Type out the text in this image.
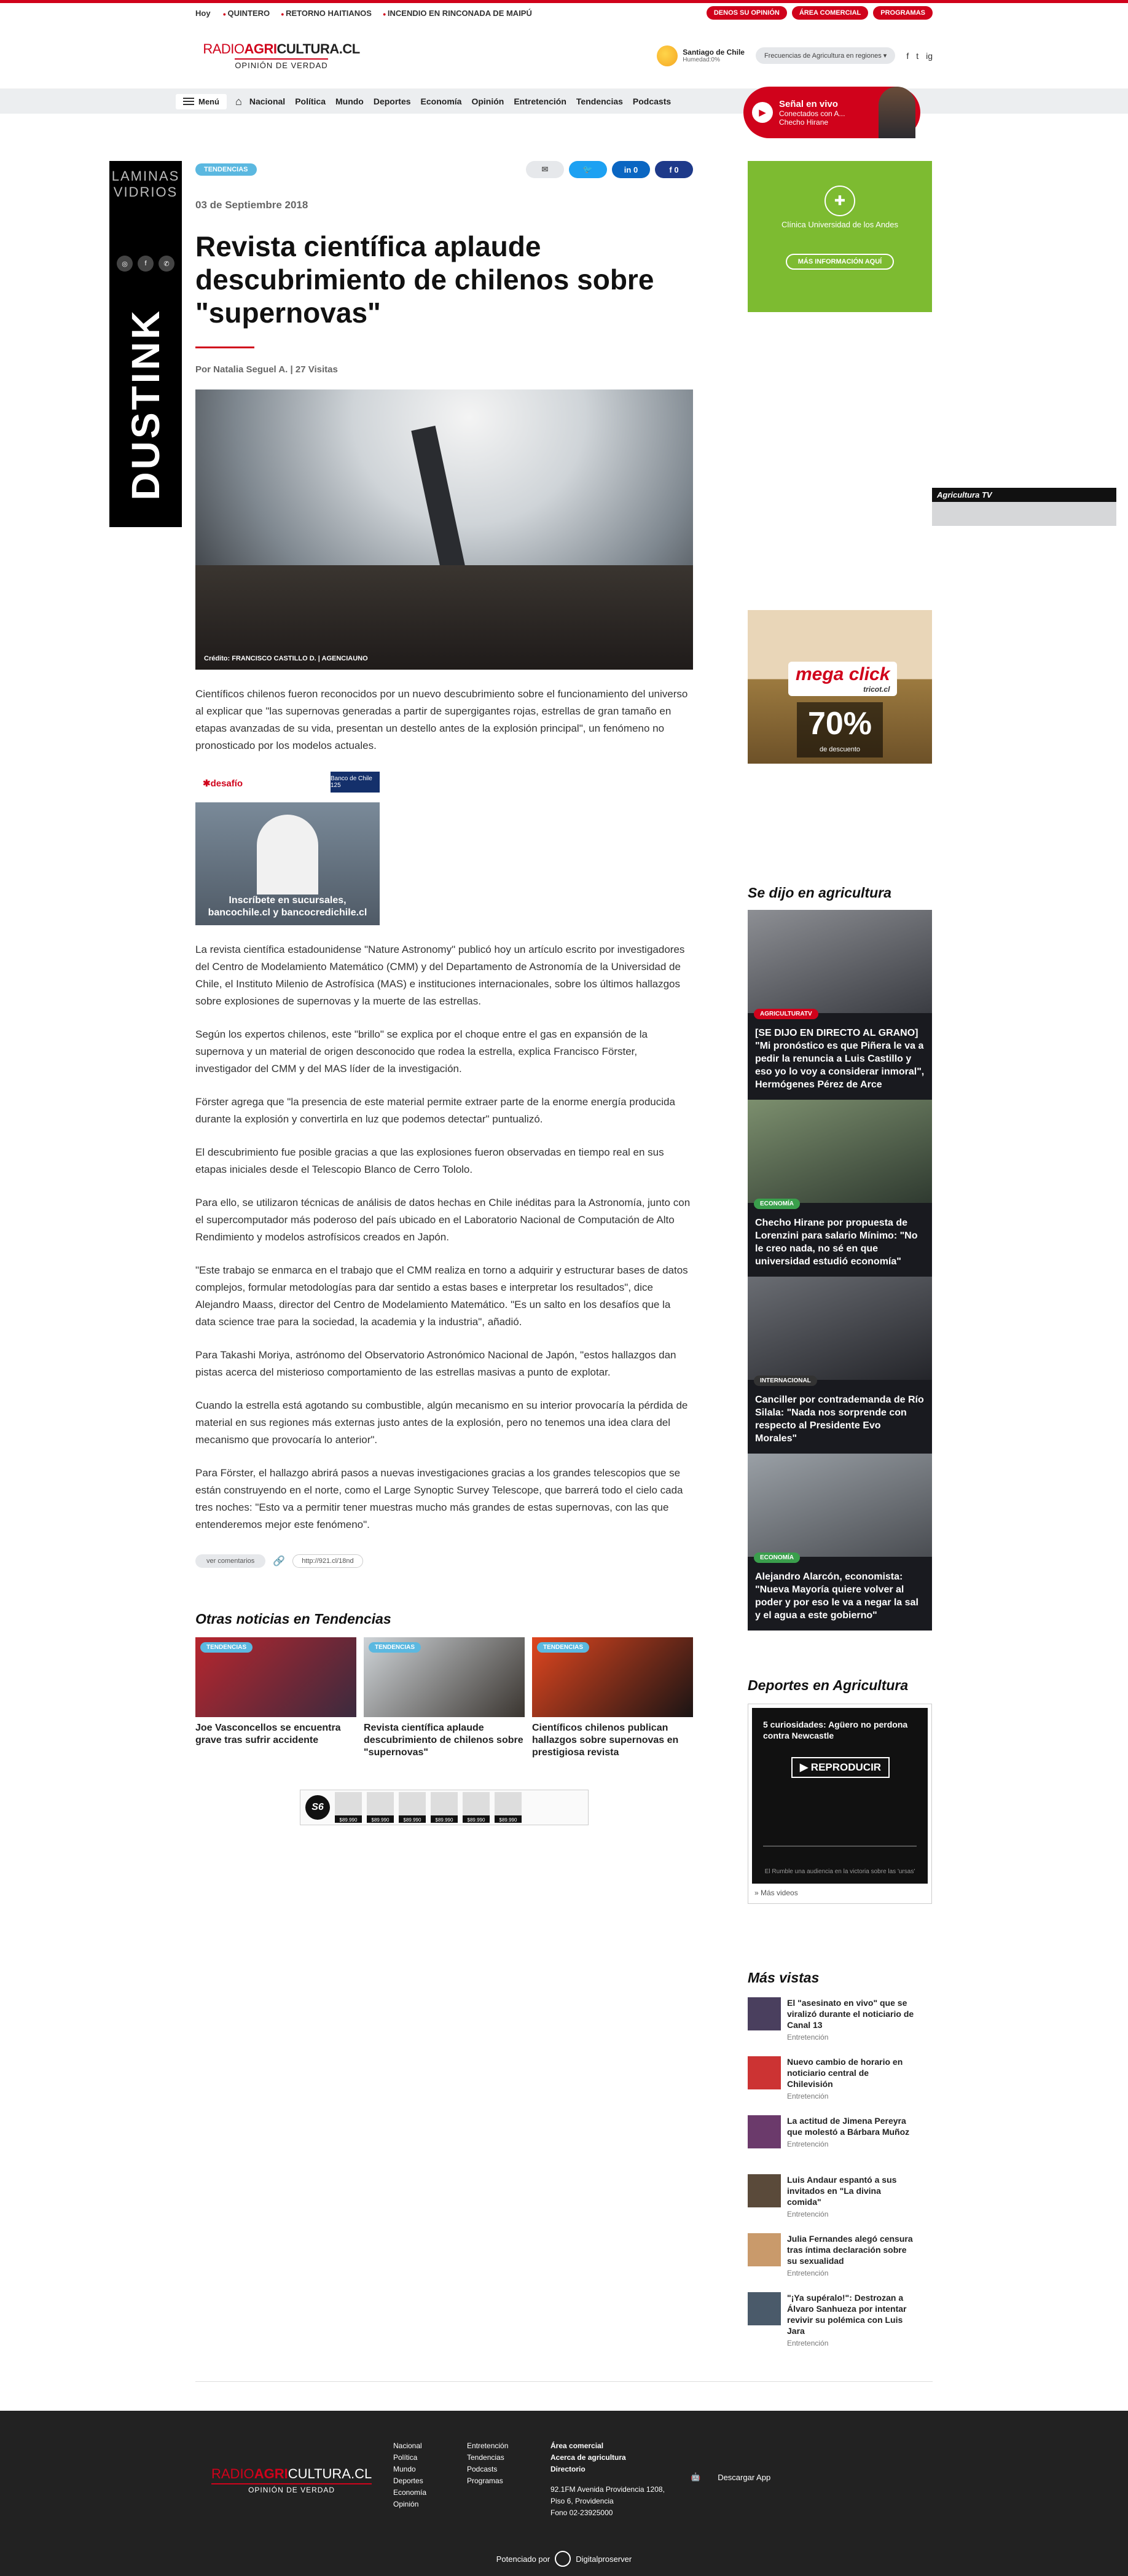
Hoy	● QUINTERO	● RETORNO HAITIANOS	● INCENDIO EN RINCONADA DE MAIPÚ	DENOS SU OPINIÓN	ÁREA COMERCIAL	PROGRAMAS
RADIOAGRICULTURA.CL
OPINIÓN DE VERDAD
Santiago de Chile
Humedad:0%
Frecuencias de Agricultura en regiones ▾	f t ig
Menú ⌂ Nacional Política Mundo Deportes Economía Opinión Entretención Tendencias Podcasts
▶
Señal en vivo
Conectados con A...
Checho Hirane
LAMINAS VIDRIOS
◎	f	✆
DUSTINK
TENDENCIAS	✉	🐦	in 0	f 0
03 de Septiembre 2018
Revista científica aplaude descubrimiento de chilenos sobre "supernovas"
Por Natalia Seguel A. | 27 Visitas
Crédito: FRANCISCO CASTILLO D. | AGENCIAUNO

Científicos chilenos fueron reconocidos por un nuevo descubrimiento sobre el funcionamiento del universo al explicar que "las supernovas generadas a partir de supergigantes rojas, estrellas de gran tamaño en etapas avanzadas de su vida, presentan un destello antes de la explosión principal", un fenómeno no pronosticado por los modelos actuales.

✱desafío	Banco de Chile 125
Inscríbete en sucursales, bancochile.cl y bancocredichile.cl

La revista científica estadounidense "Nature Astronomy" publicó hoy un artículo escrito por investigadores del Centro de Modelamiento Matemático (CMM) y del Departamento de Astronomía de la Universidad de Chile, el Instituto Milenio de Astrofísica (MAS) e instituciones internacionales, sobre los últimos hallazgos sobre explosiones de supernovas y la muerte de las estrellas.

Según los expertos chilenos, este "brillo" se explica por el choque entre el gas en expansión de la supernova y un material de origen desconocido que rodea la estrella, explica Francisco Förster, investigador del CMM y del MAS líder de la investigación.

Förster agrega que "la presencia de este material permite extraer parte de la enorme energía producida durante la explosión y convertirla en luz que podemos detectar" puntualizó.

El descubrimiento fue posible gracias a que las explosiones fueron observadas en tiempo real en sus etapas iniciales desde el Telescopio Blanco de Cerro Tololo.

Para ello, se utilizaron técnicas de análisis de datos hechas en Chile inéditas para la Astronomía, junto con el supercomputador más poderoso del país ubicado en el Laboratorio Nacional de Computación de Alto Rendimiento y modelos astrofísicos creados en Japón.

"Este trabajo se enmarca en el trabajo que el CMM realiza en torno a adquirir y estructurar bases de datos complejos, formular metodologías para dar sentido a estas bases e interpretar los resultados", dice Alejandro Maass, director del Centro de Modelamiento Matemático. "Es un salto en los desafíos que la data science trae para la sociedad, la academia y la industria", añadió.

Para Takashi Moriya, astrónomo del Observatorio Astronómico Nacional de Japón, "estos hallazgos dan pistas acerca del misterioso comportamiento de las estrellas masivas a punto de explotar.

Cuando la estrella está agotando su combustible, algún mecanismo en su interior provocaría la pérdida de material en sus regiones más externas justo antes de la explosión, pero no tenemos una idea clara del mecanismo que provocaría lo anterior".

Para Förster, el hallazgo abrirá pasos a nuevas investigaciones gracias a los grandes telescopios que se están construyendo en el norte, como el Large Synoptic Survey Telescope, que barrerá todo el cielo cada tres noches: "Esto va a permitir tener muestras mucho más grandes de estas supernovas, con las que entenderemos mejor este fenómeno".

ver comentarios	🔗	http://921.cl/18nd
Otras noticias en Tendencias
TENDENCIAS
Joe Vasconcellos se encuentra grave tras sufrir accidente
TENDENCIAS
Revista científica aplaude descubrimiento de chilenos sobre "supernovas"
TENDENCIAS
Científicos chilenos publican hallazgos sobre supernovas en prestigiosa revista
S6
$89.990	$89.990	$89.990	$89.990	$89.990	$89.990
✚
Clínica Universidad de los Andes
MÁS INFORMACIÓN AQUÍ
Agricultura TV
mega click
tricot.cl
70%
de descuento
Se dijo en agricultura
AGRICULTURATV
[SE DIJO EN DIRECTO AL GRANO] "Mi pronóstico es que Piñera le va a pedir la renuncia a Luis Castillo y eso yo lo voy a considerar inmoral", Hermógenes Pérez de Arce
ECONOMÍA
Checho Hirane por propuesta de Lorenzini para salario Mínimo: "No le creo nada, no sé en que universidad estudió economía"
INTERNACIONAL
Canciller por contrademanda de Río Silala: "Nada nos sorprende con respecto al Presidente Evo Morales"
ECONOMÍA
Alejandro Alarcón, economista: "Nueva Mayoría quiere volver al poder y por eso le va a negar la sal y el agua a este gobierno"
Deportes en Agricultura
5 curiosidades: Agüero no perdona contra Newcastle
▶ REPRODUCIR
El Rumble una audiencia en la victoria sobre las 'ursas'
» Más videos
Más vistas
El "asesinato en vivo" que se viralizó durante el noticiario de Canal 13
Entretención	1
Nuevo cambio de horario en noticiario central de Chilevisión
Entretención	2
La actitud de Jimena Pereyra que molestó a Bárbara Muñoz
Entretención	3
Luis Andaur espantó a sus invitados en "La divina comida"
Entretención	4
Julia Fernandes alegó censura tras íntima declaración sobre su sexualidad
Entretención	5
"¡Ya supéralo!": Destrozan a Álvaro Sanhueza por intentar revivir su polémica con Luis Jara
Entretención
6
RADIOAGRICULTURA.CL
OPINIÓN DE VERDAD
Nacional
Política
Mundo
Deportes
Economía
Opinión
Entretención
Tendencias
Podcasts
Programas
Área comercial
Acerca de agricultura
Directorio
92.1FM Avenida Providencia 1208,
Piso 6, Providencia
Fono 02-23925000
🤖 Descargar App
Potenciado por	Digitalproserver
